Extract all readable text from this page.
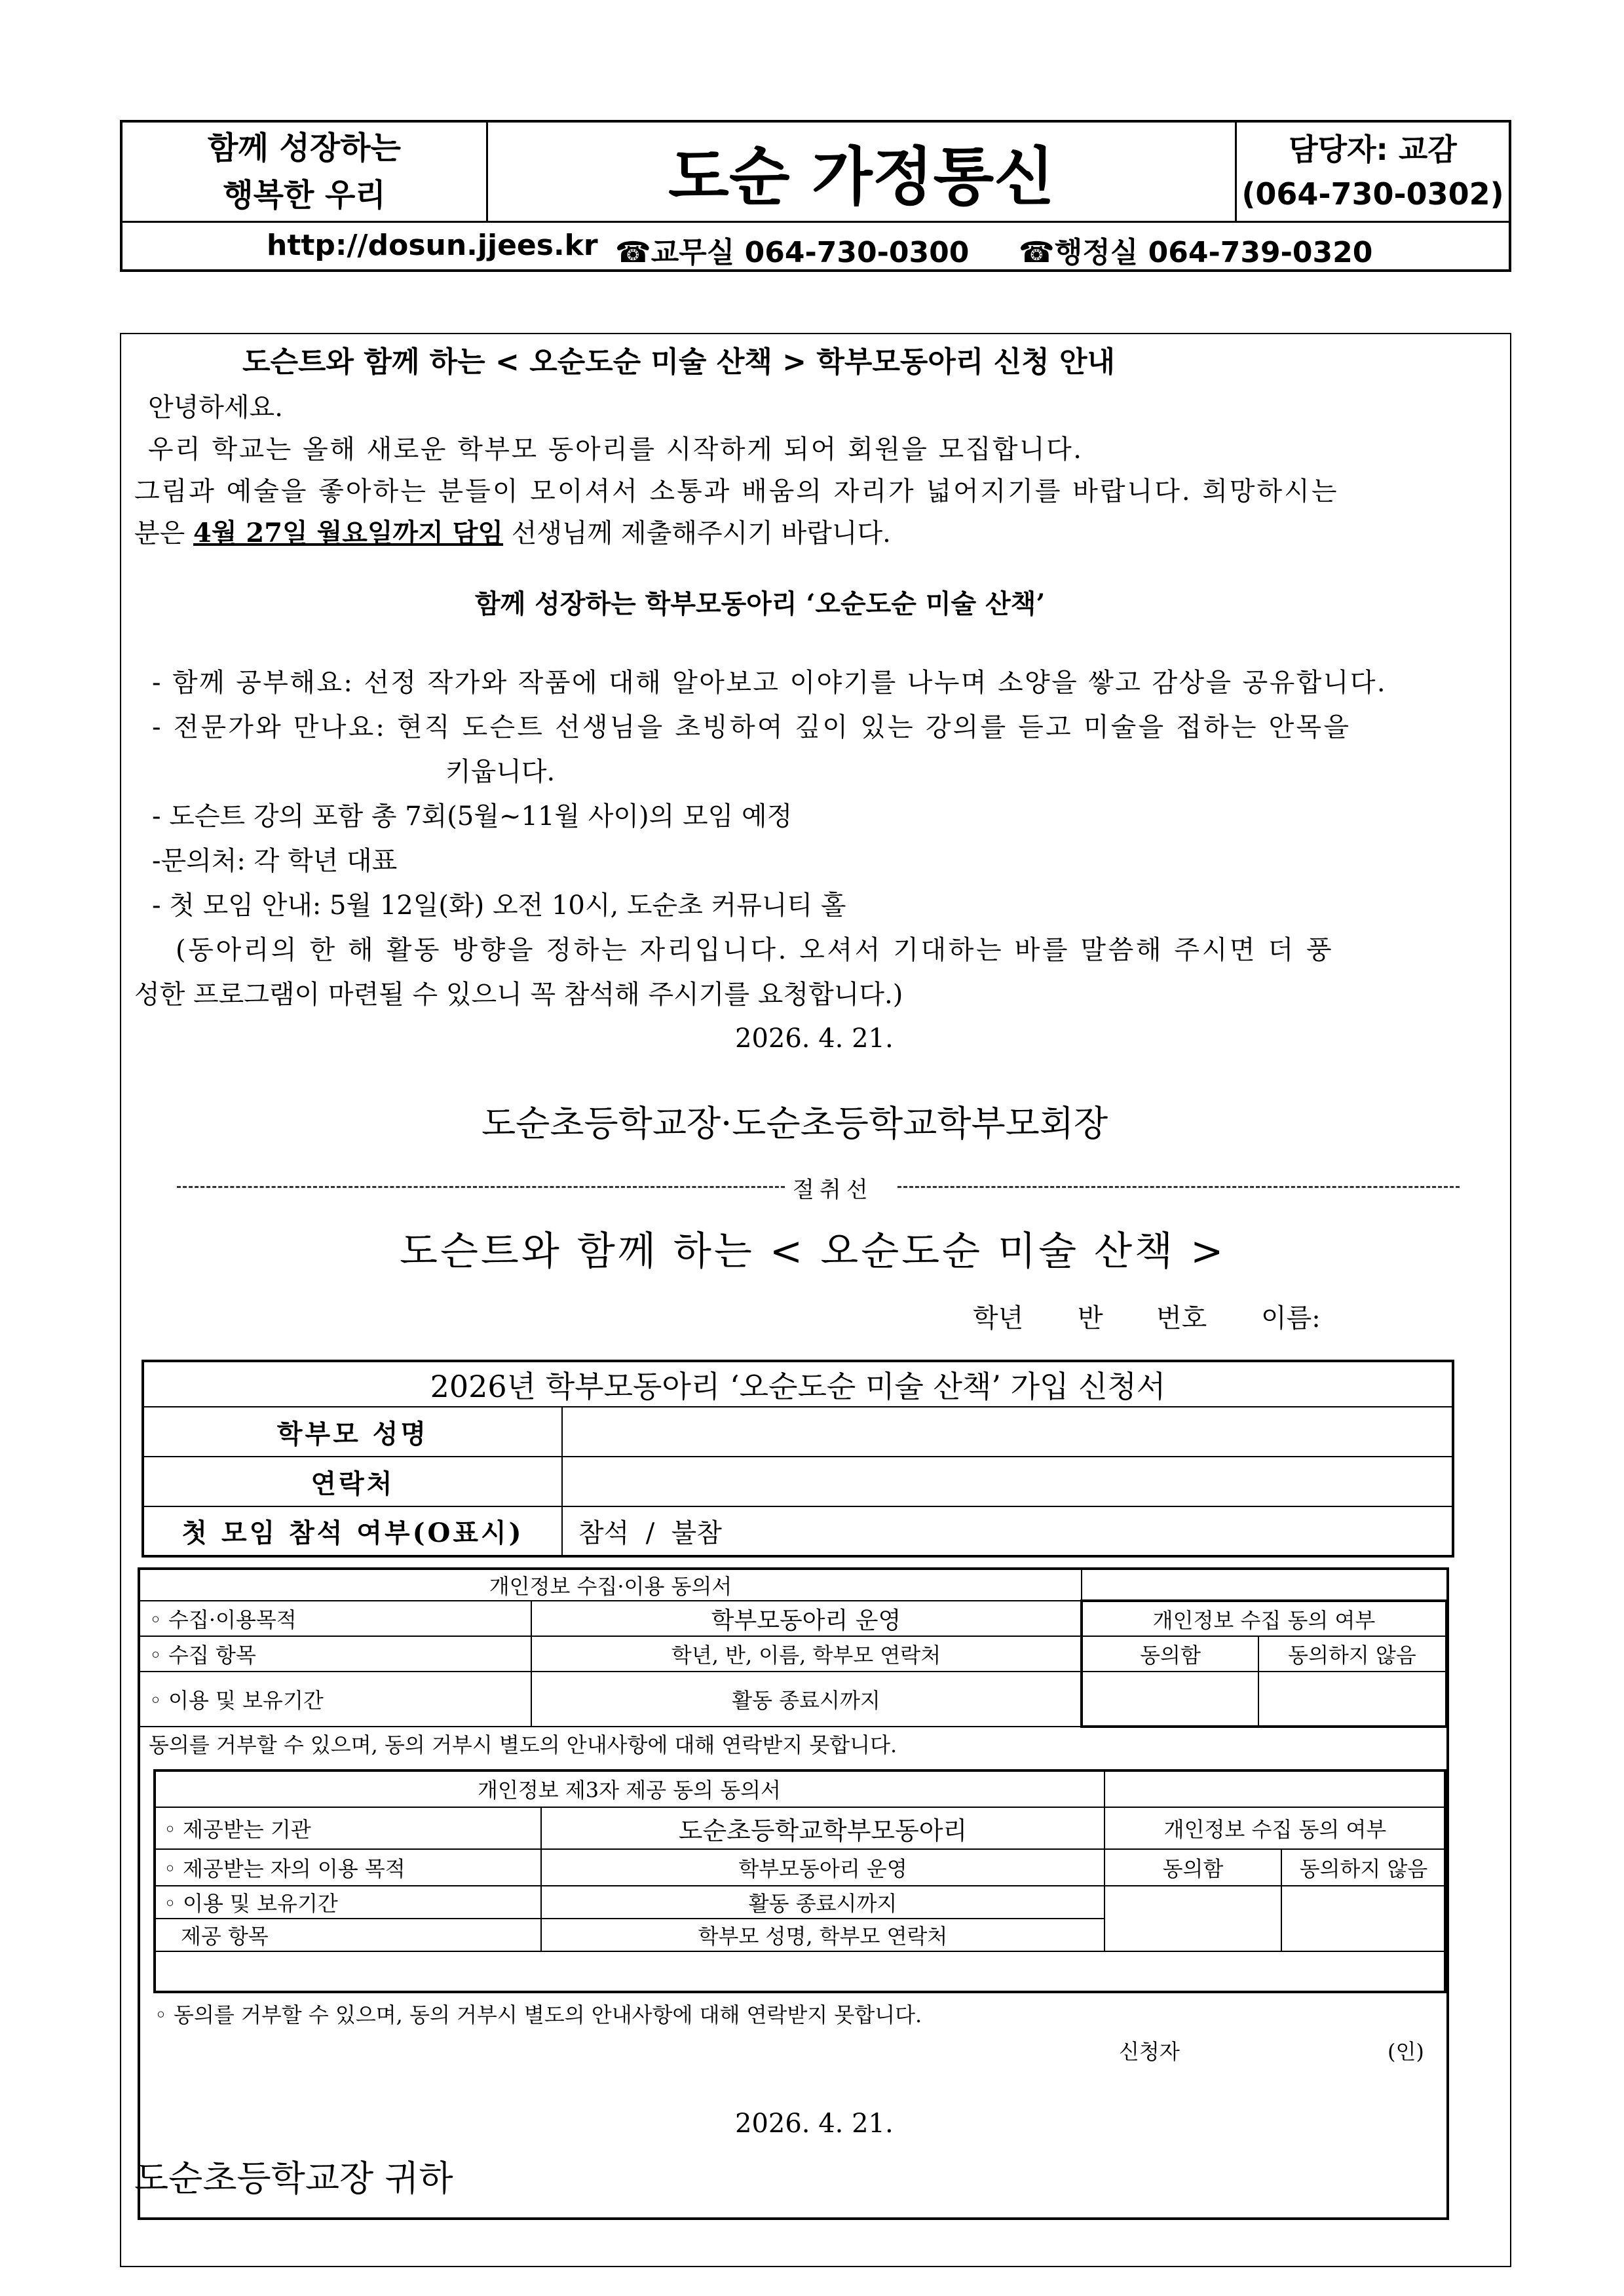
함께 성장하는
행복한 우리	도순 가정통신	담당자: 교감
(064-730-0302)
http://dosun.jjees.kr ☎교무실 064-730-0300 ☎행정실 064-739-0320
도슨트와 함께 하는 < 오순도순 미술 산책 > 학부모동아리 신청 안내
안녕하세요.
우리 학교는 올해 새로운 학부모 동아리를 시작하게 되어 회원을 모집합니다.
그림과 예술을 좋아하는 분들이 모이셔서 소통과 배움의 자리가 넓어지기를 바랍니다. 희망하시는
분은 4월 27일 월요일까지 담임 선생님께 제출해주시기 바랍니다.
함께 성장하는 학부모동아리 ‘오순도순 미술 산책’
- 함께 공부해요: 선정 작가와 작품에 대해 알아보고 이야기를 나누며 소양을 쌓고 감상을 공유합니다.
- 전문가와 만나요: 현직 도슨트 선생님을 초빙하여 깊이 있는 강의를 듣고 미술을 접하는 안목을
키웁니다.
- 도슨트 강의 포함 총 7회(5월~11월 사이)의 모임 예정
-문의처: 각 학년 대표
- 첫 모임 안내: 5월 12일(화) 오전 10시, 도순초 커뮤니티 홀
(동아리의 한 해 활동 방향을 정하는 자리입니다. 오셔서 기대하는 바를 말씀해 주시면 더 풍
성한 프로그램이 마련될 수 있으니 꼭 참석해 주시기를 요청합니다.)
2026. 4. 21.
도순초등학교장·도순초등학교학부모회장
절취선
도슨트와 함께 하는 < 오순도순 미술 산책 >
학년 반 번호 이름:
2026년 학부모동아리 ‘오순도순 미술 산책’ 가입 신청서	
학부모 성명	
연락처	
첫 모임 참석 여부(O표시)	참석  /  불참
개인정보 수집·이용 동의서			
◦ 수집·이용목적	학부모동아리 운영	개인정보 수집 동의 여부	
◦ 수집 항목	학년, 반, 이름, 학부모 연락처	동의함	동의하지 않음
◦ 이용 및 보유기간	활동 종료시까지		
동의를 거부할 수 있으며, 동의 거부시 별도의 안내사항에 대해 연락받지 못합니다.			
개인정보 제3자 제공 동의 동의서			
◦ 제공받는 기관	도순초등학교학부모동아리	개인정보 수집 동의 여부	
◦ 제공받는 자의 이용 목적	학부모동아리 운영	동의함	동의하지 않음
◦ 이용 및 보유기간	활동 종료시까지		
제공 항목	학부모 성명, 학부모 연락처		
◦ 동의를 거부할 수 있으며, 동의 거부시 별도의 안내사항에 대해 연락받지 못합니다.
신청자	(인)
2026. 4. 21.
도순초등학교장 귀하
